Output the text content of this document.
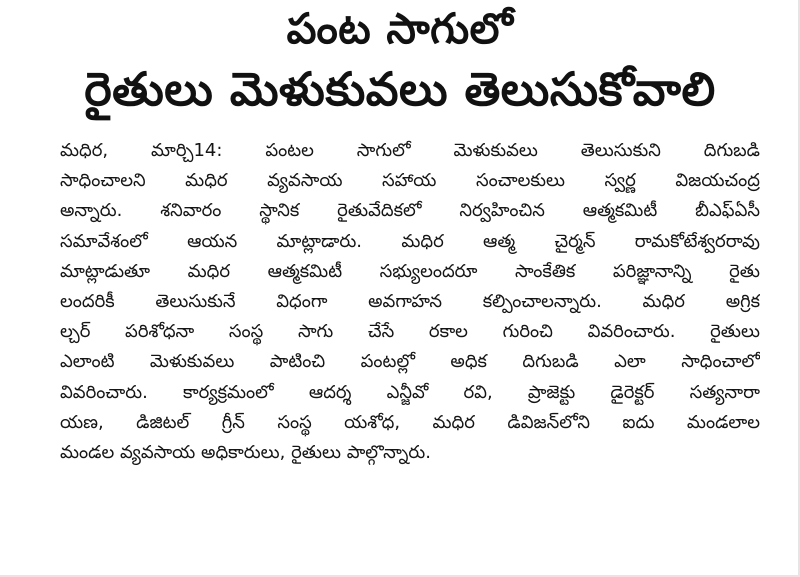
పంట సాగులో
రైతులు మెళుకువలు తెలుసుకోవాలి
మధిర, మార్చి14: పంటల సాగులో మెళుకువలు తెలుసుకుని దిగుబడి
సాధించాలని మధిర వ్యవసాయ సహాయ సంచాలకులు స్వర్ణ విజయచంద్ర
అన్నారు. శనివారం స్థానిక రైతువేదికలో నిర్వహించిన ఆత్మకమిటీ బీఎఫ్‌ఏసీ
సమావేశంలో ఆయన మాట్లాడారు. మధిర ఆత్మ చైర్మన్ రామకోటేశ్వరరావు
మాట్లాడుతూ మధిర ఆత్మకమిటీ సభ్యులందరూ సాంకేతిక పరిజ్ఞానాన్ని రైతు
లందరికీ తెలుసుకునే విధంగా అవగాహన కల్పించాలన్నారు. మధిర అగ్రిక
ల్చర్ పరిశోధనా సంస్థ సాగు చేసే రకాల గురించి వివరించారు. రైతులు
ఎలాంటి మెళుకువలు పాటించి పంటల్లో అధిక దిగుబడి ఎలా సాధించాలో
వివరించారు. కార్యక్రమంలో ఆదర్శ ఎన్జీవో రవి, ప్రాజెక్టు డైరెక్టర్ సత్యనారా
యణ, డిజిటల్ గ్రీన్ సంస్థ యశోధ, మధిర డివిజన్‌లోని ఐదు మండలాల
మండల వ్యవసాయ అధికారులు, రైతులు పాల్గొన్నారు.
